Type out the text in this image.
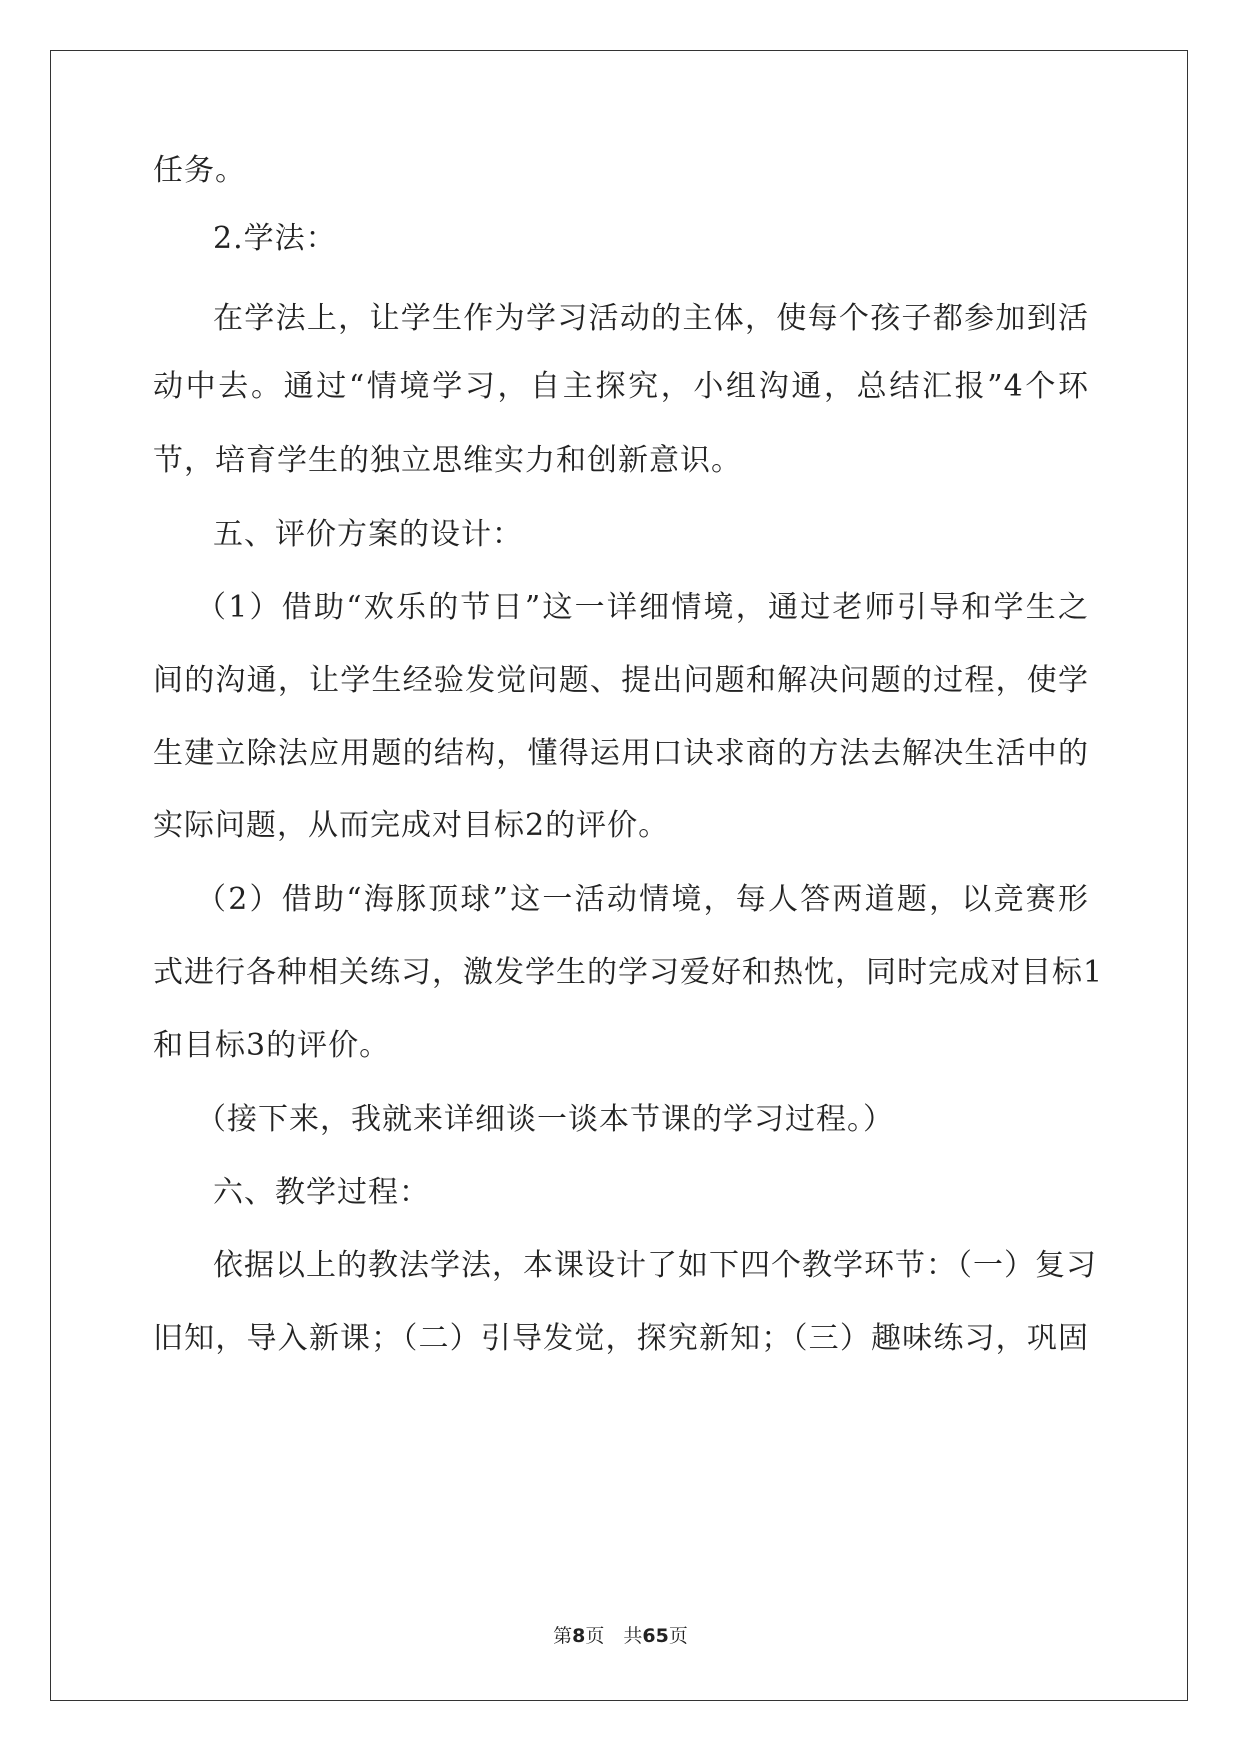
任务。
2.学法：
在学法上，让学生作为学习活动的主体，使每个孩子都参加到活
动中去。通过“情境学习，自主探究，小组沟通，总结汇报”4个环
节，培育学生的独立思维实力和创新意识。
五、评价方案的设计：
（1）借助“欢乐的节日”这一详细情境，通过老师引导和学生之
间的沟通，让学生经验发觉问题、提出问题和解决问题的过程，使学
生建立除法应用题的结构，懂得运用口诀求商的方法去解决生活中的
实际问题，从而完成对目标2的评价。
（2）借助“海豚顶球”这一活动情境，每人答两道题，以竞赛形
式进行各种相关练习，激发学生的学习爱好和热忱，同时完成对目标1
和目标3的评价。
（接下来，我就来详细谈一谈本节课的学习过程。）
六、教学过程：
依据以上的教法学法，本课设计了如下四个教学环节：（一）复习
旧知，导入新课；（二）引导发觉，探究新知；（三）趣味练习，巩固
第8页　共65页
